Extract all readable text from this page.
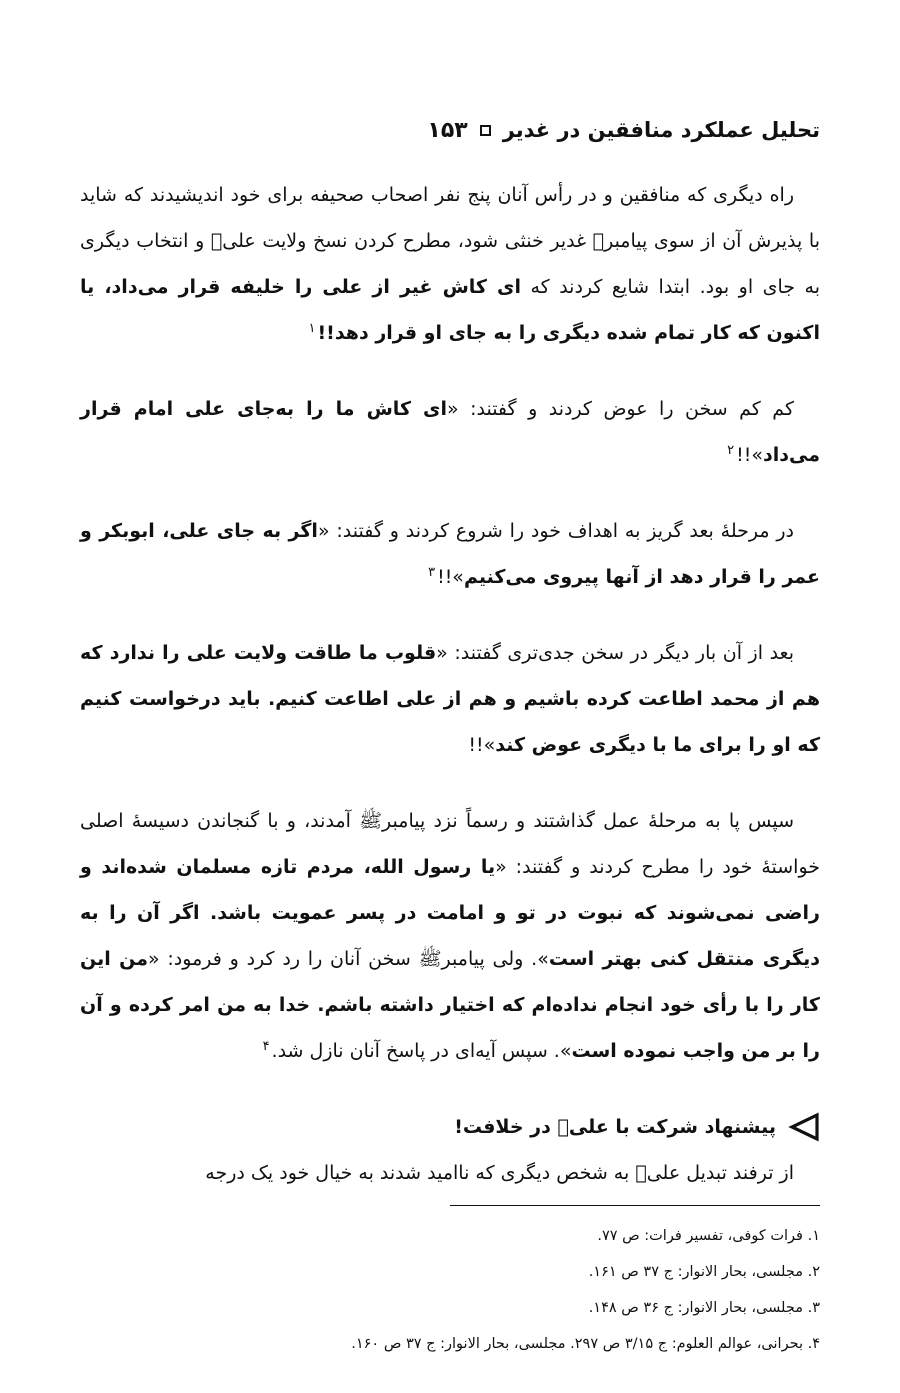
تحلیل عملکرد منافقین در غدیر
۱۵۳

راه دیگری که منافقین و در رأس آنان پنج نفر اصحاب صحیفه برای خود اندیشیدند که شاید با پذیرش آن از سوی پیامبرﷺ غدیر خنثی شود، مطرح کردن نسخ ولایت علیؑ و انتخاب دیگری به جای او بود. ابتدا شایع کردند که ای کاش غیر از علی را خلیفه قرار می‌داد، یا اکنون که کار تمام شده دیگری را به جای او قرار دهد!!$^۱$

کم کم سخن را عوض کردند و گفتند: «ای کاش ما را به‌جای علی امام قرار می‌داد»!!$^۲$

در مرحلهٔ بعد گریز به اهداف خود را شروع کردند و گفتند: «اگر به جای علی، ابوبکر و عمر را قرار دهد از آنها پیروی می‌کنیم»!!$^۳$

بعد از آن بار دیگر در سخن جدی‌تری گفتند: «قلوب ما طاقت ولایت علی را ندارد که هم از محمد اطاعت کرده باشیم و هم از علی اطاعت کنیم. باید درخواست کنیم که او را برای ما با دیگری عوض کند»!!

سپس پا به مرحلهٔ عمل گذاشتند و رسماً نزد پیامبرﷺ آمدند، و با گنجاندن دسیسهٔ اصلی خواستهٔ خود را مطرح کردند و گفتند: «یا رسول الله، مردم تازه مسلمان شده‌اند و راضی نمی‌شوند که نبوت در تو و امامت در پسر عمویت باشد. اگر آن را به دیگری منتقل کنی بهتر است». ولی پیامبرﷺ سخن آنان را رد کرد و فرمود: «من این کار را با رأی خود انجام نداده‌ام که اختیار داشته باشم. خدا به من امر کرده و آن را بر من واجب نموده است». سپس آیه‌ای در پاسخ آنان نازل شد.$^۴$

پیشنهاد شرکت با علیؑ در خلافت!

از ترفند تبدیل علیؑ به شخص دیگری که ناامید شدند به خیال خود یک درجه

۱. فرات کوفی، تفسیر فرات: ص ۷۷.
۲. مجلسی، بحار الانوار: ج ۳۷ ص ۱۶۱.
۳. مجلسی، بحار الانوار: ج ۳۶ ص ۱۴۸.
۴. بحرانی، عوالم العلوم: ج ۳/۱۵ ص ۲۹۷. مجلسی، بحار الانوار: ج ۳۷ ص ۱۶۰.
